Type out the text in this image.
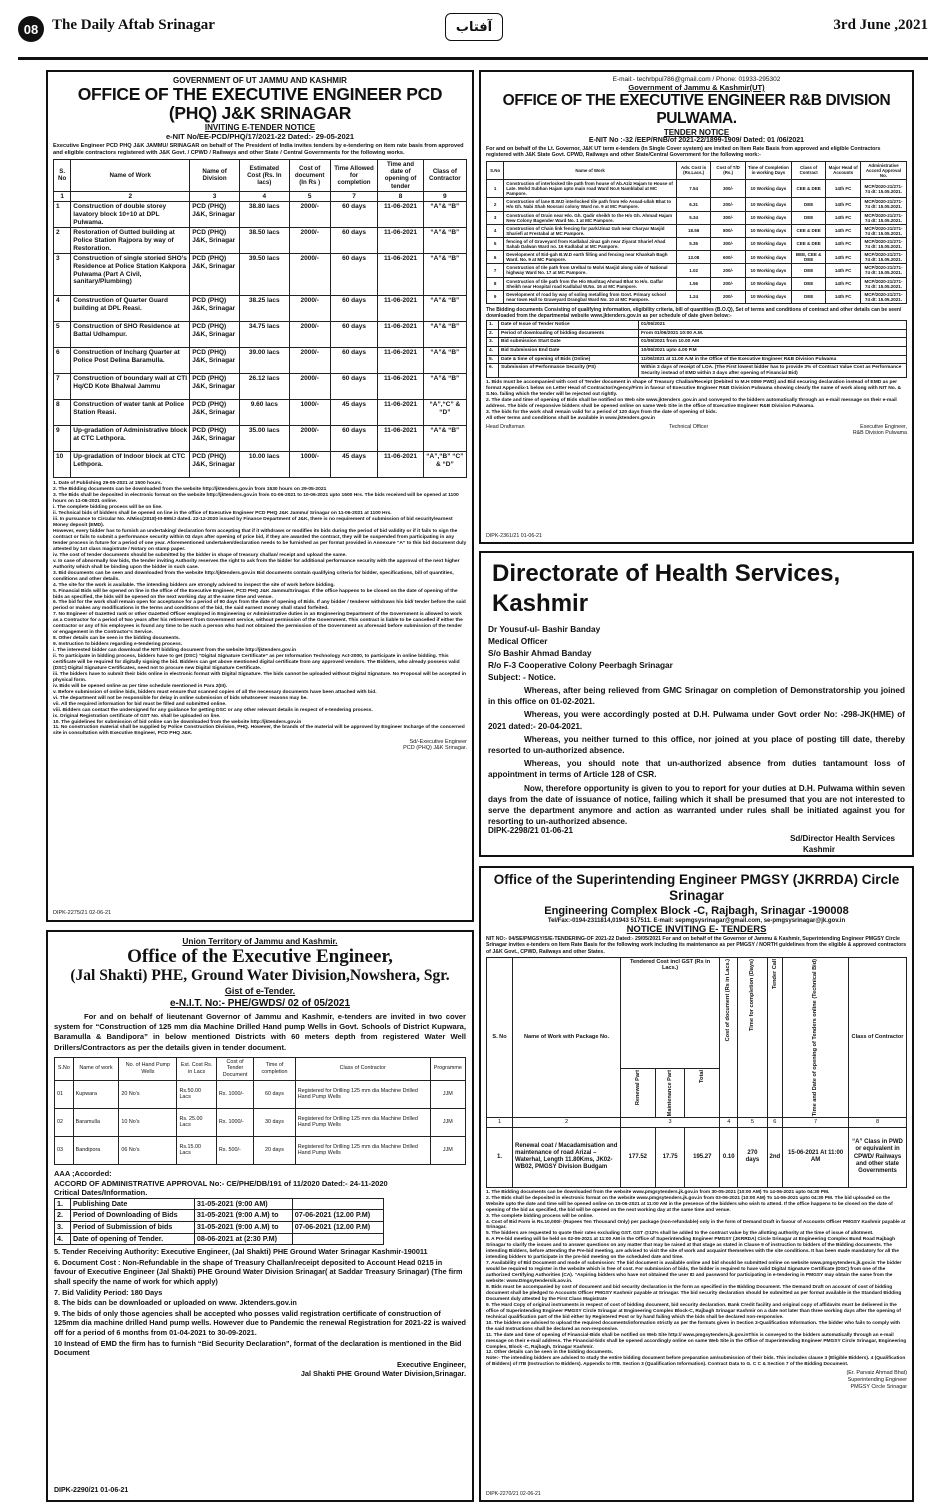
08 The Daily Aftab Srinagar	آفتاب	3rd June ,2021
GOVERNMENT OF UT JAMMU AND KASHMIR
OFFICE OF THE EXECUTIVE ENGINEER PCD (PHQ) J&K SRINAGAR
INVITING E-TENDER NOTICE
e-NIT No/EE-PCD/PHQ/17/2021-22 Dated:- 29-05-2021
Executive Engineer PCD PHQ J&K JAMMU/ SRINAGAR on behalf of The President of India invites tenders by e-tendering on item rate basis from approved and eligible contractors registered with J&K Govt. / CPWD / Railways and other State / Central Governments for the following works.
S. No	Name of Work	Name of Division	Estimated Cost (Rs. In lacs)	Cost of document (In Rs )	Time Allowed for completion	Time and date of opening of tender	Class of Contractor
1	2	3	4	5	7	8	9
1	Construction of double storey lavatory block 10+10 at DPL Pulwama.	PCD (PHQ) J&K, Srinagar	38.80 lacs	2000/-	60 days	11-06-2021	“A”& “B”
2	Restoration of Gutted building at Police Station Rajpora by way of Restoration.	PCD (PHQ) J&K, Srinagar	38.50 lacs	2000/-	60 days	11-06-2021	“A”& “B”
3	Construction of single storied SHO’s Residence at Police Station Kakpora Pulwama (Part A Civil, sanitary/Plumbing)	PCD (PHQ) J&K, Srinagar	39.50 lacs	2000/-	60 days	11-06-2021	“A”& “B”
4	Construction of Quarter Guard building at DPL Reasi.	PCD (PHQ) J&K, Srinagar	38.25 lacs	2000/-	60 days	11-06-2021	“A”& “B”
5	Construction of SHO Residence at Battal Udhampur.	PCD (PHQ) J&K, Srinagar	34.75 lacs	2000/-	60 days	11-06-2021	“A”& “B”
6	Construction of Incharg Quarter at Police Post Delina Baramulla.	PCD (PHQ) J&K, Srinagar	39.00 lacs	2000/-	60 days	11-06-2021	“A”& “B”
7	Construction of boundary wall at CTI Hq/CD Kote Bhalwal Jammu	PCD (PHQ) J&K, Srinagar	26.12 lacs	2000/-	60 days	11-06-2021	“A”& “B”
8	Construction of water tank at Police Station Reasi.	PCD (PHQ) J&K, Srinagar	9.60 lacs	1000/-	45 days	11-06-2021	“A”,“C” & “D”
9	Up-gradation of Administrative block at CTC Lethpora.	PCD (PHQ) J&K, Srinagar	35.00 lacs	2000/-	60 days	11-06-2021	“A”& “B”
10	Up-gradation of Indoor block at CTC Lethpora.	PCD (PHQ) J&K, Srinagar	10.00 lacs	1000/-	45 days	11-06-2021	“A”,“B” “C” & “D”
1. Date of Publishing 29-05-2021 at 1500 hours.
2. The Bidding documents can be downloaded from the website http://jktenders.gov.in from 1530 hours on 29-05-2021
3. The Bids shall be deposited in electronic format on the website http://jktenders.gov.in from 01-06-2021 to 10-06-2021 upto 1600 Hrs. The bids received will be opened at 1100 hours on 11-06-2021 online.
i. The complete bidding process will be on line.
ii. Technical bids of bidders shall be opened on line in the office of Executive Engineer PCD PHQ J&K Jammu/ Srinagar on 11-06-2021 at 1100 Hrs.
iii. In pursuance to Circular No. A/Misc(2018)-III-895/J dated. 22-12-2020 issued by Finance Department of J&K, there is no requirement of submission of bid security/earnest Money deposit (EMD).
However, every bidder has to furnish an undertaking/ declaration form accepting that if it withdraws or modifies its bids during the period of bid validity or if it fails to sign the contract or fails to submit a performance security within 03 days after opening of price bid, if they are awarded the contract, they will be suspended from participating in any tender process in future for a period of one year. Aforementioned undertaken/declaration needs to be furnished as per format provided in Annexure “A” to this bid document duly attested by 1st class magistrate / Notary on stamp paper.
iv. The cost of tender documents should be submitted by the bidder in shape of treasury challan/ receipt and upload the same.
v. In case of abnormally low bids, the tender inviting Authority reserves the right to ask from the bidder for additional performance security with the approval of the next higher Authority which shall be binding upon the bidder in such case.
3. Bid documents can be seen and downloaded from the website http://jktenders.gov.in Bid documents contain qualifying criteria for bidder, specifications, bill of quantities, conditions and other details.
4. The site for the work is available. The intending bidders are strongly advised to inspect the site of work before bidding.
5. Financial Bids will be opened on line in the office of the Executive Engineer, PCD PHQ J&K Jammu/Srinagar. If the office happens to be closed on the date of opening of the bids as specified, the bids will be opened on the next working day at the same time and venue.
6. The bid for the work shall remain open for acceptance for a period of 90 days from the date of opening of Bids. If any bidder / tenderer withdraws his bid/ tender before the said period or makes any modifications in the terms and conditions of the bid, the said earnest money shall stand forfeited.
7. No Engineer of Gazetted rank or other Gazetted Officer employed in Engineering or Administrative duties in an Engineering Department of the Government is allowed to work as a Contractor for a period of two years after his retirement from Government service, without permission of the Government. This contract is liable to be cancelled if either the contractor or any of his employees is found any time to be such a person who had not obtained the permission of the Government as aforesaid before submission of the tender or engagement in the Contractor’s Service.
8. Other details can be seen in the bidding documents.
9. Instruction to bidders regarding e-tendering process.
i. The interested bidder can download the NIT/ bidding document from the website http://jktenders.gov.in
ii. To participate in bidding process, bidders have to get (DSC) “Digital Signature Certificate” as per Information Technology Act-2000, to participate in online bidding. This certificate will be required for digitally signing the bid. Bidders can get above mentioned digital certificate from any approved vendors. The Bidders, who already possess valid (DSC) Digital Signature Certificates, need not to procure new Digital Signature Certificate.
iii. The bidders have to submit their bids online in electronic format with Digital Signature. The bids cannot be uploaded without Digital Signature. No Proposal will be accepted in physical form.
iv. Bids will be opened online as per time schedule mentioned in Para 2(III).
v. Before submission of online bids, bidders must ensure that scanned copies of all the necessary documents have been attached with bid.
vi. The department will not be responsible for delay in online submission of bids whatsoever reasons may be.
vii. All the required information for bid must be filled and submitted online.
viii. Bidders can contact the undersigned for any guidance for getting DSC or any other relevant details in respect of e-tendering process.
ix. Original Registration certificate of GST No. shall be uploaded on line.
10. The guidelines for submission of bid online can be downloaded from the website http://jktenders.gov.in
11. No construction material shall be supplied by Police Construction Division, PHQ. However, the brands of the material will be approved by Engineer Incharge of the concerned site in consultation with Executive Engineer, PCD PHQ J&K.
Sd/-Executive Engineer
PCD (PHQ) J&K Srinagar.
DIPK-2275/21 02-06-21
E-mail:- techrbpul786@gmail.com / Phone: 01933-295302
Government of Jammu & Kashmir(UT)
OFFICE OF THE EXECUTIVE ENGINEER R&B DIVISION PULWAMA.
TENDER NOTICE
E-NIT No :-32 /EEP/RNB/of 2021-22/1899-1909/ Dated: 01 /06/2021
For and on behalf of the Lt. Governor, J&K UT term e-tenders (In Single Cover system) are invited on Item Rate Basis from approved and eligible Contractors registered with J&K State Govt. CPWD, Railways and other State/Central Government for the following work:-
S.No	Name of Work	Adv. Cost in (Rs.Lacs.)	Cost of T/D (Rs.)	Time of Completion in working Days	Class of Contract	Major Head of Accounts	Administrative Accord Approval No.
1	Construction of interlocked tile path from house of Ab.Aziz Hajam to House of Late. Mohd Subhan Hajam upto main road Ward No.6 Namblabal at MC Pampore.	7.54	300/-	10 Working days	CEE & DEE	14th FC	MCP/2020-21/271-74 dt: 15.05.2021.
2	Construction of lane B.W.D interlocked tile path from H/o Assad-ullah Bhat to H/o Gh. Nabi Shah Noorani colony Ward no. 9 at MC Pampore.	6.31	200/-	10 Working days	DEE	14th FC	MCP/2020-21/271-74 dt: 15.05.2021.
3	Construction of Drain near H/o. Gh. Qadir sheikh to the H/o Gh. Ahmad Hajam New Colony Bagender Ward No. 1 at MC Pampore.	5.34	300/-	10 Working days	DEE	14th FC	MCP/2020-21/271-74 dt: 15.05.2021.
4	Construction of Chain link fencing for park/Jinaz Gah near Charyar Masjid Shariefi at Frestabal at MC Pampore.	18.56	800/-	10 Working days	CEE & DEE	14th FC	MCP/2020-21/271-74 dt: 15.05.2021.
5	fencing of of Graveyard from Kadlabal Jinaz gah near Ziyarat Sharief Ahad Sahab Dalwan Ward no. 16 Kadlabal at MC Pampore.	5.35	300/-	10 Working days	CEE & DEE	14th FC	MCP/2020-21/271-74 dt: 15.05.2021.
6	Development of Eid-gah B.W.D earth filling and fencing near Khankah Bagh Ward. No. 9 at MC Pampore.	13.08	600/-	10 Working days	BEE, CEE & DEE	14th FC	MCP/2020-21/271-74 dt: 15.05.2021.
7	Construction of tile path from Urelbal to Molvi Masjid along side of National highway Ward No. 17 at MC Pampore.	1.02	200/-	10 Working days	DEE	14th FC	MCP/2020-21/271-74 dt: 15.05.2021.
8	Construction of tile path from the H/o Mushtaq Ahmad Bhat to H/o. Gaffar Sheikh near Hospital road Kadlabal W.No. 16 at MC Pampore.	1.56	200/-	10 Working days	DEE	14th FC	MCP/2020-21/271-74 dt: 15.05.2021.
9	Development of road by way of soling metalling from Govt. Primary school near town Hall to Graveyard Drangbal Ward No. 10 at MC Pampore.	1.24	200/-	10 Working days	DEE	14th FC	MCP/2020-21/271-74 dt: 15.05.2021.
The Bidding documents Consisting of qualifying information, eligibility criteria, bill of quantities (B.O.Q), Set of terms and conditions of contract and other details can be seen/ downloaded from the departmental website www.jktenders.gov.in as per schedule of date given below:-
1.	Date of Issue of Tender Notice	01/06/2021
2.	Period of downloading of bidding documents	From 01/06/2021 10:00 A.M.
3.	Bid submission Start Date	01/06/2021 from 10.00 AM
4.	Bid Submission End Date	10/06/2021 upto 4.00 P.M
5.	Date & time of opening of Bids (Online)	11/06/2021 at 11.00 A.M in the Office of the Executive Engineer R&B Division Pulwama
6.	Submission of Performance Security (PS)	Within 3 days of receipt of LOA. (The First lowest bidder has to provide 3% of Contract Value Cost as Performance Security instead of EMD within 3 days after opening of Financial Bid)
1. Bids must be accompanied with cost of Tender document in shape of Treasury Challan/Receipt (Debited to M.H 0059 PWD) and Bid securing declaration instead of EMD as per format Appendix-1 below on Letter Head of Contractor/Agency/Firm in favour of Executive Engineer R&B Division Pulwama showing clearly the name of work along with NIT No. & S.No. failing which the tender will be rejected out rightly.
2. The date and time of opening of Bids shall be notified on Web site www.jktenders .gov.in and conveyed to the bidders automatically through an e-mail message on their e-mail address. The bids of responsive bidders shall be opened online on same Web Site in the office of Executive Engineer R&B Division Pulwama.
3. The bids for the work shall remain valid for a period of 120 days from the date of opening of bids.
All other terms and conditions shall be available in www.jktenders.gov.in
Head Draftsman	Technical Officer	Executive Engineer,
R&B Division Pulwama
DIPK-2361/21 01-06-21
Directorate of Health Services, Kashmir
Dr Yousuf-ul- Bashir Banday
Medical Officer
S/o Bashir Ahmad Banday
R/o F-3 Cooperative Colony Peerbagh Srinagar
Subject: - Notice.

Whereas, after being relieved from GMC Srinagar on completion of Demonstratorship you joined in this office on 01-02-2021.

Whereas, you were accordingly posted at D.H. Pulwama under Govt order No: -298-JK(HME) of 2021 dated:- 20-04-2021.

Whereas, you neither turned to this office, nor joined at you place of posting till date, thereby resorted to un-authorized absence.

Whereas, you should note that un-authorized absence from duties tantamount loss of appointment in terms of Article 128 of CSR.

Now, therefore opportunity is given to you to report for your duties at D.H. Pulwama within seven days from the date of issuance of notice, failing which it shall be presumed that you are not interested to serve the department anymore and action as warranted under rules shall be initiated against you for resorting to un-authorized absence.

Sd/Director Health Services
Kashmir
DIPK-2298/21 01-06-21
Office of the Superintending Engineer PMGSY (JKRRDA) Circle Srinagar
Engineering Complex Block -C, Rajbagh, Srinagar -190008
Tel/Fax:-0194-2311814,01943 517511. E-mail: sepmgsysrinagar@gmail.com, se-pmgsysrinagar@jk.gov.in
NOTICE INVITING E- TENDERS
NIT NO:- 04/SE/PMGSY/S/E-TENDERING-OF 2021-22 Dated:- 29/05/2021 For and on behalf of the Governor of Jammu & Kashmir, Superintending Engineer PMGSY Circle Srinagar invites e-tenders on Item Rate Basis for the following work including its maintenance as per PMGSY / NORTH guidelines from the eligible & approved contractors of J&K Govt., CPWD, Railways and other States.
S. No	Name of Work with Package No.	Tendered Cost incl GST (Rs in Lacs.)			Cost of document (Rs in Lacs.)	Time for completion (Days)	Tender Call	Time and Date of opening of Tenders online (Technical Bid)	Class of Contractor

		Renewal Part	Maintenance Part	Total					

1	2	3			4	5	6	7	8
1.	Renewal coat / Macadamisation and maintenance of road Arizal – Waterhal, Length 11.80Kms, JK02-WB02, PMGSY Division Budgam	177.52	17.75	195.27	0.10	270 days	2nd	15-06-2021 At 11:00 AM	“A” Class in PWD or equivalent in CPWD/ Railways and other state Governments
1. The Bidding documents can be downloaded from the website www.pmgsytenders.jk.gov.in from 30-05-2021 (10:00 AM) To 14-06-2021 upto 04:30 PM.
2. The Bids shall be deposited in electronic format on the website www.pmgsytenders.jk.gov.in from 03-06-2021 (10:00 AM) To 14-06-2021 upto 04:30 PM. The bid uploaded on the Website upto the date and time will be opened online on 15-06-2021 at 11:00 AM in the presence of the bidders who wish to attend. If the office happens to be closed on the date of opening of the bid as specified, the bid will be opened on the next working day at the same time and venue.
3. The complete bidding process will be online.
4. Cost of Bid Form is Rs.10,000/- (Rupees Ten Thousand Only) per package (non-refundable) only in the form of Demand Draft in favour of Accounts Officer PMGSY Kashmir payable at Srinagar.
5. The bidders are requested to quote their rates excluding GST. GST @12% shall be added to the contract value by the allotting authority at the time of issue of allotment.
6. A Pre-bid meeting will be held on 02-06-2021 at 11:00 AM in the Office of Superintending Engineer PMGSY (JKRRDA) Circle Srinagar at Engineering Complex Bund Road Rajbagh Srinagar to clarify the issues and to answer questions on any matter that may be raised at that stage as stated in Clause 9 of instruction to bidders of the Bidding documents. The intending Bidders, before attending the Pre-bid meeting, are advised to visit the site of work and acquaint themselves with the site conditions. It has been made mandatory for all the intending bidders to participate in the pre-bid meeting on the scheduled date and time.
7. Availability of Bid Document and mode of submission: The bid document is available online and bid should be submitted online on website www.pmgsytenders.jk.gov.in The bidder would be required to register in the website which is free of cost. For submission of bids, the bidder is required to have valid Digital Signature Certificate (DSC) from one of the authorized Certifying Authorities (CA). “Aspiring bidders who have not obtained the user ID and password for participating in e-tendering in PMGSY may obtain the same from the website: www.Dmgsytendersik.aov.in.
8. Bids must be accompanied by cost of document and bid security declaration in the form as specified in the Bidding Document. The Demand Draft on account of cost of bidding document shall be pledged to Accounts Officer PMGSY Kashmir payable at Srinagar. The bid security declaration should be submitted as per format available in the Standard Bidding Document duly attested by the First Class Magistrate
9. The Hard Copy of original instruments in respect of cost of bidding document, bid security declaration. Bank Credit facility and original copy of affidavits must be delivered in the office of Superintending Engineer PMGSY Circle Srinagar at Engineering Complex Block-C, Rajbagh Srinagar Kashmir on a date not later than three working days after the opening of technical qualification part of the bid either by Registered Post or by hand failing which the bids shall be declared non-responsive.
10. The bidders are advised to upload the required documents/information strictly as per the formats given in Section 3-Qualification Information. The bidder who fails to comply with the said Instructions shall be declared as non-responsive.
11. The date and time of opening of Financial-Bids shall be notified on Web Site http:// www.pmgsytenders.jk.gov.inThis is conveyed to the bidders automatically through an e-mail message on their e-mail address. The Financial-bids shall be opened accordingly online on same Web Site in the Office of Superintending Engineer PMGSY Circle Srinagar, Engineering Complex, Block -C, Rajbagh, Srinagar Kashmir.
12. Other details can be seen in the bidding documents.
Note:- The intending bidders are advised to study the entire bidding document before preparation am/submission of their bids. This includes clause 3 (Eligible Bidders). 4 (Qualification of Bidders) of ITB (Instruction to Bidders). Appendix to ITB. Section 3 (Qualification Information). Contract Data to G. C C & Section 7 of the Bidding Document.
(Er. Parvaiz Ahmad Bhat)
Superintending Engineer
PMGSY Circle Srinagar
DIPK-2270/21 02-06-21
Union Territory of Jammu and Kashmir.
Office of the Executive Engineer,
(Jal Shakti) PHE, Ground Water Division,Nowshera, Sgr.
Gist of e-Tender.
e-N.I.T. No:- PHE/GWDS/ 02 of 05/2021
For and on behalf of lieutenant Governor of Jammu and Kashmir, e-tenders are invited in two cover system for “Construction of 125 mm dia Machine Drilled Hand pump Wells in Govt. Schools of District Kupwara, Baramulla & Bandipora” in below mentioned Districts with 60 meters depth from registered Water Well Drillers/Contractors as per the details given in tender document.
S.No	Name of work	No. of Hand Pump Wells	Est. Cost Rs. in Lacs	Cost of Tender Document	Time of completion	Class of Contractor	Programme
01	Kupwara	20 No’s	Rs.50.00 Lacs	Rs. 1000/-	60 days	Registered for Drilling 125 mm dia Machine Drilled Hand Pump Wells	JJM
02	Baramulla	10 No’s	Rs. 25.00 Lacs	Rs. 1000/-	30 days	Registered for Drilling 125 mm dia Machine Drilled Hand Pump Wells	JJM
03	Bandipora	06 No’s	Rs.15.00 Lacs	Rs. 500/-	20 days	Registered for Drilling 125 mm dia Machine Drilled Hand Pump Wells	JJM
AAA ;Accorded:
ACCORD OF ADMINISTRATIVE APPROVAL No:- CE/PHE/DB/191 of 11/2020 Dated:- 24-11-2020
Critical Dates/Information.
1.	Publishing Date	31-05-2021 (9:00 AM)	
2.	Period of Downloading of Bids	31-05-2021 (9:00 A.M) to	07-06-2021 (12.00 P.M)
3.	Period of Submission of bids	31-05-2021 (9:00 A.M) to	07-06-2021 (12.00 P.M)
4.	Date of opening of Tender.	08-06-2021 at (2:30 P.M)	
5. Tender Receiving Authority: Executive Engineer, (Jal Shakti) PHE Ground Water Srinagar Kashmir-190011
6. Document Cost : Non-Refundable in the shape of Treasury Challan/receipt deposited to Account Head 0215 in favour of Executive Engineer (Jal Shakti) PHE Ground Water Division Srinagar( at Saddar Treasury Srinagar) (The firm shall specify the name of work for which apply)
7. Bid Validity Period: 180 Days
8. The bids can be downloaded or uploaded on www. Jktenders.gov.in
9. The bids of only those agencies shall be accepted who posses valid registration certificate of construction of 125mm dia machine drilled Hand pump wells. However due to Pandemic the renewal Registration for 2021-22 is waived off for a period of 6 months from 01-04-2021 to 30-09-2021.
10 Instead of EMD the firm has to furnish “Bid Security Declaration”, format of the declaration is mentioned in the Bid Document
Executive Engineer,
Jal Shakti PHE Ground Water Division,Srinagar.
DIPK-2290/21 01-06-21
